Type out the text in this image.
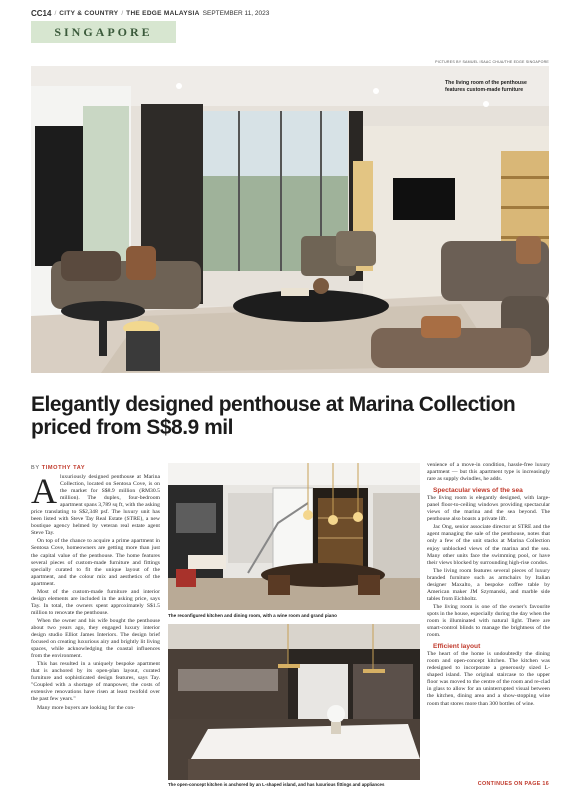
CC14 / CITY & COUNTRY / THE EDGE MALAYSIA SEPTEMBER 11, 2023
SINGAPORE
PICTURES BY SAMUEL ISAAC CHUA/THE EDGE SINGAPORE
The living room of the penthouse features custom-made furniture
Elegantly designed penthouse at Marina Collection priced from S$8.9 mil
BY TIMOTHY TAY
A luxuriously designed penthouse at Marina Collection, located on Sentosa Cove, is on the market for S$8.9 million (RM30.5 million). The duplex, four-bedroom apartment spans 3,789 sq ft, with the asking price translating to S$2,348 psf. The luxury unit has been listed with Steve Tay Real Estate (STRE), a new boutique agency helmed by veteran real estate agent Steve Tay.

On top of the chance to acquire a prime apartment in Sentosa Cove, homeowners are getting more than just the capital value of the penthouse. The home features several pieces of custom-made furniture and fittings specially curated to fit the unique layout of the apartment, and the colour mix and aesthetics of the apartment.

Most of the custom-made furniture and interior design elements are included in the asking price, says Tay. In total, the owners spent approximately S$1.5 million to renovate the penthouse.

When the owner and his wife bought the penthouse about two years ago, they engaged luxury interior design studio Elliot James Interiors. The design brief focused on creating luxurious airy and brightly lit living spaces, while acknowledging the coastal influences from the environment.

This has resulted in a uniquely bespoke apartment that is anchored by its open-plan layout, curated furniture and sophisticated design features, says Tay. "Coupled with a shortage of manpower, the costs of extensive renovations have risen at least twofold over the past few years."

Many more buyers are looking for the con-

The reconfigured kitchen and dining room, with a wine room and grand piano
The open-concept kitchen is anchored by an L-shaped island, and has luxurious fittings and appliances

venience of a move-in condition, hassle-free luxury apartment — but this apartment type is increasingly rare as supply dwindles, he adds.

Spectacular views of the sea

The living room is elegantly designed, with large-panel floor-to-ceiling windows providing spectacular views of the marina and the sea beyond. The penthouse also boasts a private lift.

Jac Ong, senior associate director at STRE and the agent managing the sale of the penthouse, notes that only a few of the unit stacks at Marina Collection enjoy unblocked views of the marina and the sea. Many other units face the swimming pool, or have their views blocked by surrounding high-rise condos.

The living room features several pieces of luxury branded furniture such as armchairs by Italian designer Maxalto, a bespoke coffee table by American maker JM Szymanski, and marble side tables from Eichholtz.

The living room is one of the owner's favourite spots in the house, especially during the day when the room is illuminated with natural light. There are smart-control blinds to manage the brightness of the room.

Efficient layout

The heart of the home is undoubtedly the dining room and open-concept kitchen. The kitchen was redesigned to incorporate a generously sized L-shaped island. The original staircase to the upper floor was moved to the centre of the room and re-clad in glass to allow for an uninterrupted visual between the kitchen, dining area and a show-stopping wine room that stores more than 300 bottles of wine.

CONTINUES ON PAGE 16
